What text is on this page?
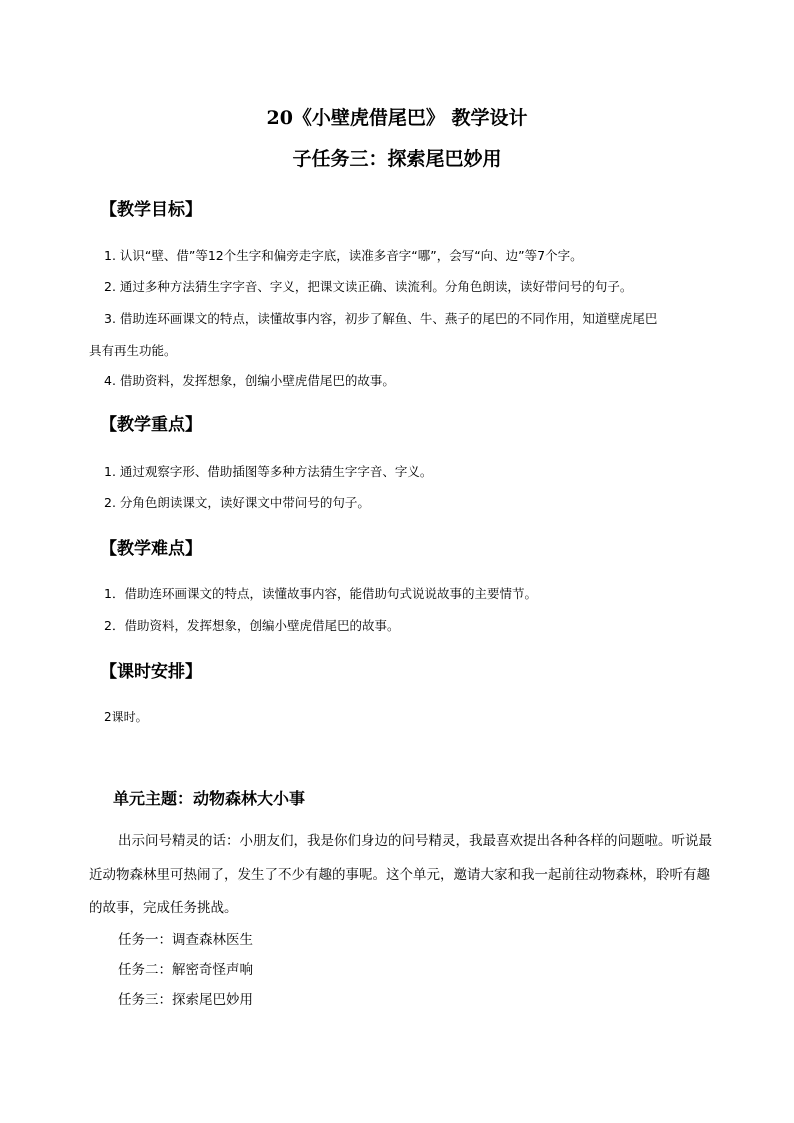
20《小壁虎借尾巴》 教学设计
子任务三：探索尾巴妙用
【教学目标】
1. 认识“壁、借”等12个生字和偏旁走字底，读准多音字“哪”，会写“向、边”等7个字。
2. 通过多种方法猜生字字音、字义，把课文读正确、读流利。分角色朗读，读好带问号的句子。
3. 借助连环画课文的特点，读懂故事内容，初步了解鱼、牛、燕子的尾巴的不同作用，知道壁虎尾巴
具有再生功能。
4. 借助资料，发挥想象，创编小壁虎借尾巴的故事。
【教学重点】
1. 通过观察字形、借助插图等多种方法猜生字字音、字义。
2. 分角色朗读课文，读好课文中带问号的句子。
【教学难点】
1．借助连环画课文的特点，读懂故事内容，能借助句式说说故事的主要情节。
2．借助资料，发挥想象，创编小壁虎借尾巴的故事。
【课时安排】
2课时。
单元主题：动物森林大小事
出示问号精灵的话：小朋友们，我是你们身边的问号精灵，我最喜欢提出各种各样的问题啦。听说最
近动物森林里可热闹了，发生了不少有趣的事呢。这个单元，邀请大家和我一起前往动物森林，聆听有趣
的故事，完成任务挑战。
任务一：调查森林医生
任务二：解密奇怪声响
任务三：探索尾巴妙用
